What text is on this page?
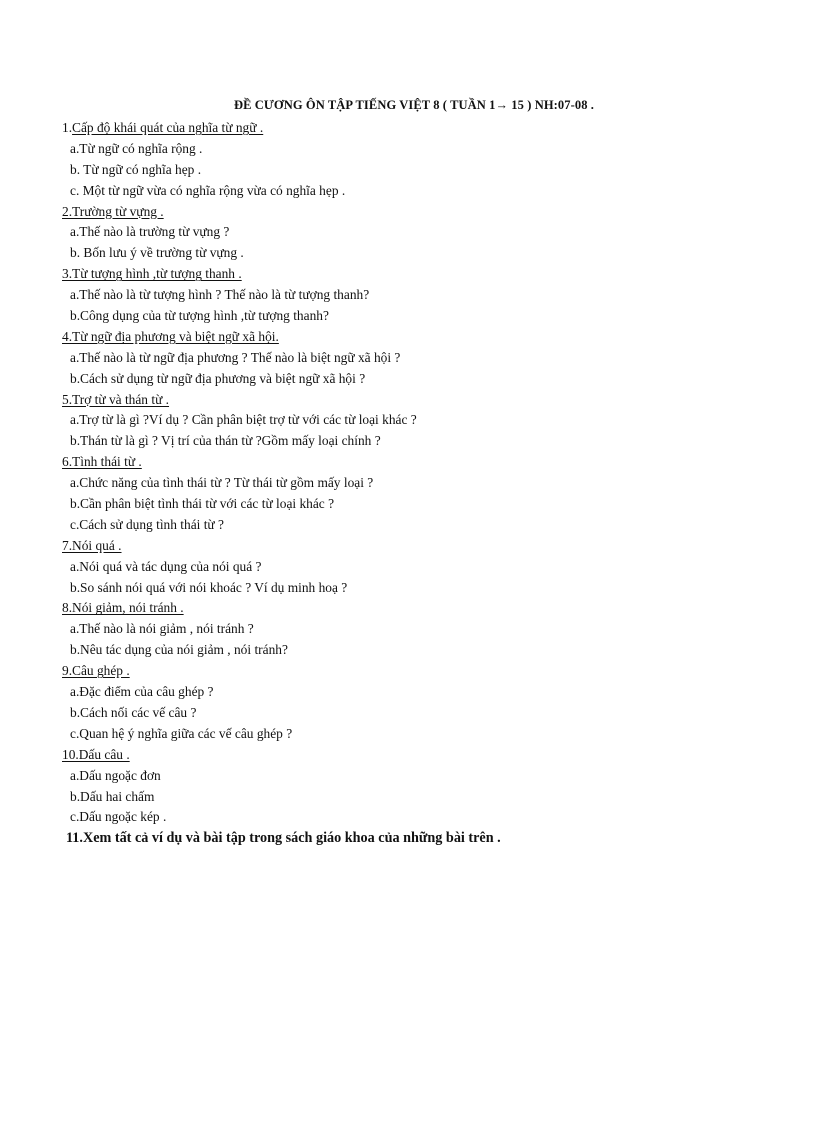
ĐỀ CƯƠNG ÔN TẬP TIẾNG VIỆT 8 ( TUẦN 1→ 15 ) NH:07-08 .
1.Cấp độ khái quát của nghĩa từ ngữ .
a.Từ ngữ có nghĩa rộng .
b. Từ ngữ có nghĩa hẹp .
c. Một từ ngữ vừa có nghĩa rộng vừa có nghĩa hẹp .
2.Trường từ vựng .
a.Thế nào là trường từ vựng ?
b. Bốn lưu ý về trường từ vựng .
3.Từ tượng hình ,từ tượng thanh .
a.Thế nào là từ tượng hình ? Thế nào là từ tượng thanh?
b.Công dụng của từ tượng hình ,từ tượng thanh?
4.Từ ngữ địa phương và biệt ngữ xã hội.
a.Thế nào là từ ngữ địa phương ? Thế nào là biệt ngữ xã hội ?
b.Cách sử dụng từ ngữ địa phương và biệt ngữ xã hội ?
5.Trợ từ và thán từ .
a.Trợ từ là gì ?Ví dụ ? Cần phân biệt trợ từ với các từ loại khác ?
b.Thán từ là gì ? Vị trí của thán từ ?Gồm mấy loại chính ?
6.Tình thái từ .
a.Chức năng của tình thái từ ? Từ thái từ gồm mấy loại ?
b.Cần phân biệt tình thái từ với các từ loại khác ?
c.Cách sử dụng tình thái từ ?
7.Nói quá .
a.Nói quá và tác dụng của nói quá ?
b.So sánh nói quá với nói khoác ? Ví dụ minh hoạ ?
8.Nói giảm, nói tránh .
a.Thế nào là nói giảm , nói tránh ?
b.Nêu tác dụng của nói giảm , nói tránh?
9.Câu ghép .
a.Đặc điểm của câu ghép ?
b.Cách nối các vế câu ?
c.Quan hệ ý nghĩa giữa các vế câu ghép ?
10.Dấu câu .
a.Dấu ngoặc đơn
b.Dấu hai chấm
c.Dấu ngoặc kép .
11.Xem tất cả ví dụ và bài tập trong sách giáo khoa của những bài trên .
